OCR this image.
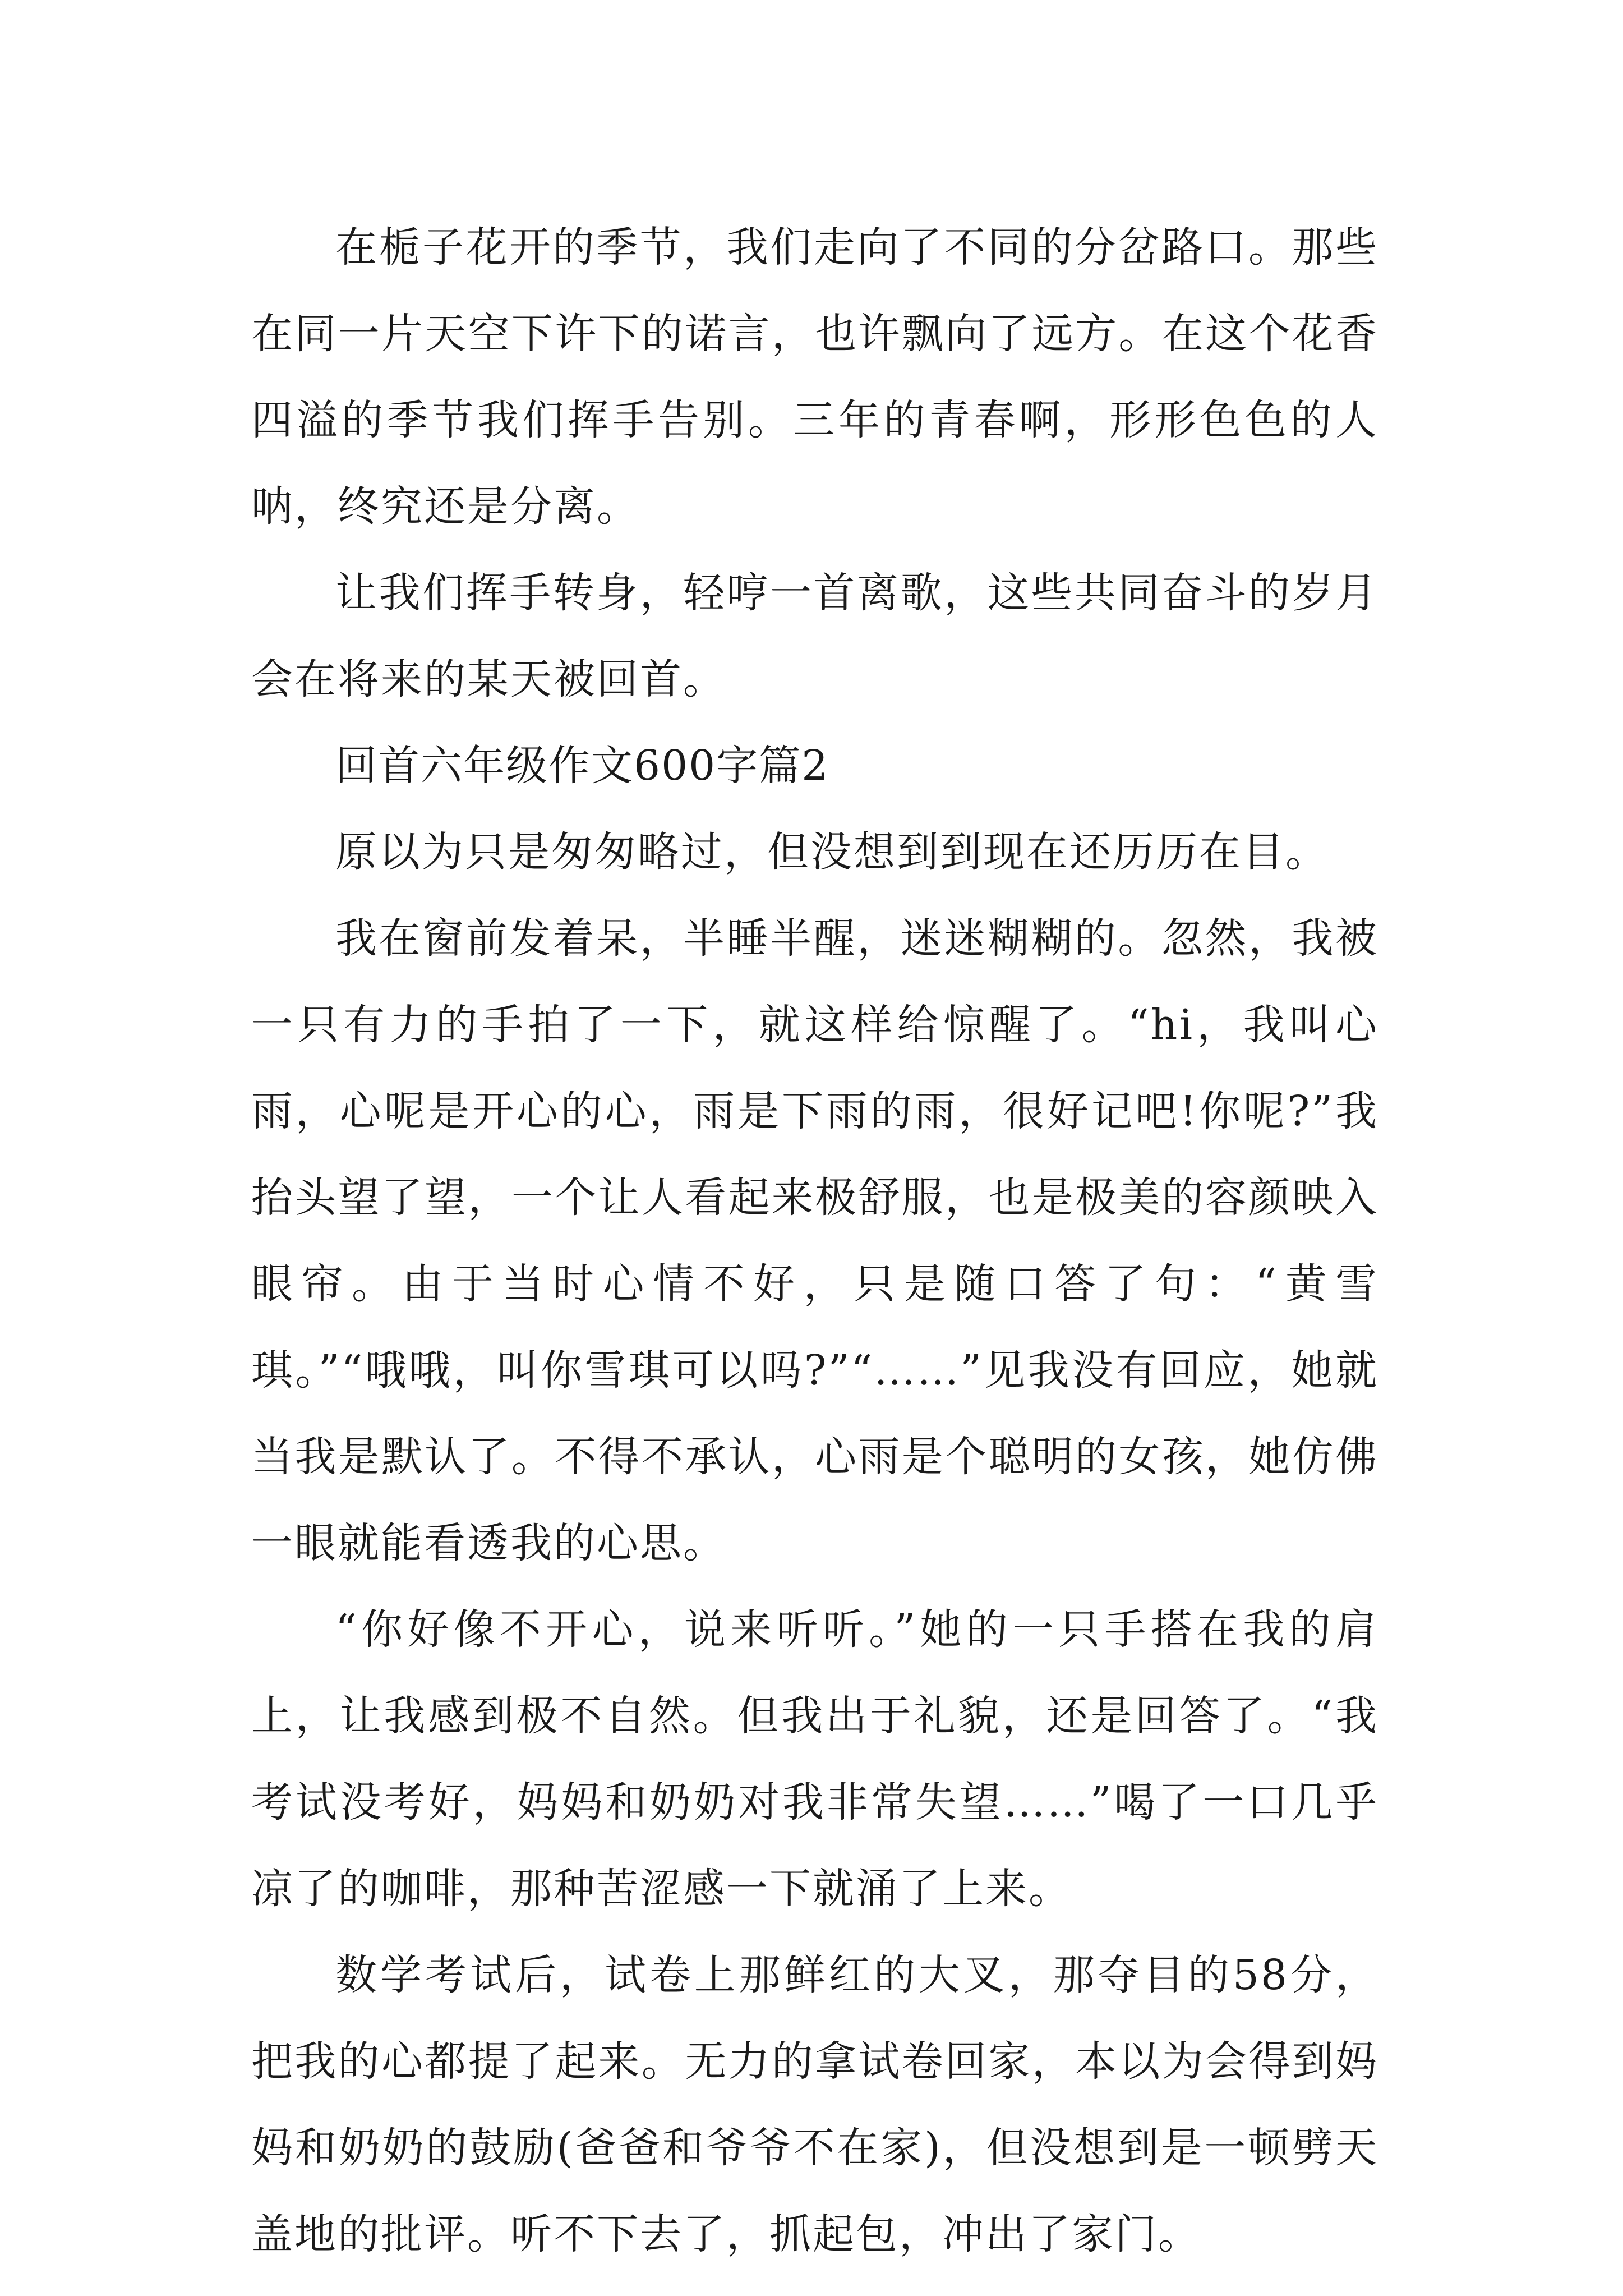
在栀子花开的季节，我们走向了不同的分岔路口。那些在同一片天空下许下的诺言，也许飘向了远方。在这个花香四溢的季节我们挥手告别。三年的青春啊，形形色色的人呐，终究还是分离。

让我们挥手转身，轻哼一首离歌，这些共同奋斗的岁月会在将来的某天被回首。

回首六年级作文600字篇2

原以为只是匆匆略过，但没想到到现在还历历在目。

我在窗前发着呆，半睡半醒，迷迷糊糊的。忽然，我被一只有力的手拍了一下，就这样给惊醒了。“hi，我叫心雨，心呢是开心的心，雨是下雨的雨，很好记吧!你呢?”我抬头望了望，一个让人看起来极舒服，也是极美的容颜映入眼帘。由于当时心情不好，只是随口答了句：“黄雪琪。”“哦哦，叫你雪琪可以吗?”“……”见我没有回应，她就当我是默认了。不得不承认，心雨是个聪明的女孩，她仿佛一眼就能看透我的心思。

“你好像不开心，说来听听。”她的一只手搭在我的肩上，让我感到极不自然。但我出于礼貌，还是回答了。“我考试没考好，妈妈和奶奶对我非常失望……”喝了一口几乎凉了的咖啡，那种苦涩感一下就涌了上来。

数学考试后，试卷上那鲜红的大叉，那夺目的58分，把我的心都提了起来。无力的拿试卷回家，本以为会得到妈妈和奶奶的鼓励(爸爸和爷爷不在家)，但没想到是一顿劈天盖地的批评。听不下去了，抓起包，冲出了家门。
